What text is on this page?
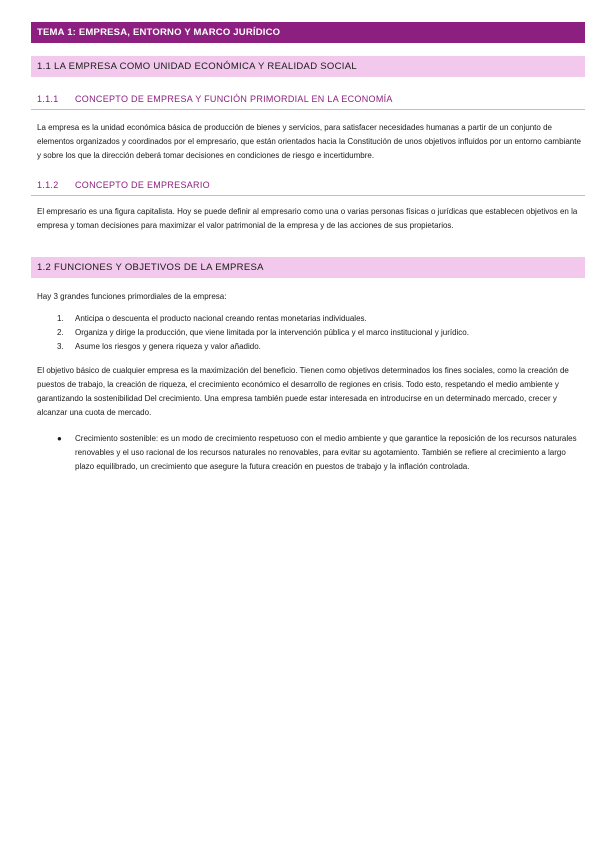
TEMA 1: EMPRESA, ENTORNO Y MARCO JURÍDICO
1.1 LA EMPRESA COMO UNIDAD ECONÓMICA Y REALIDAD SOCIAL
1.1.1 CONCEPTO DE EMPRESA Y FUNCIÓN PRIMORDIAL EN LA ECONOMÍA

La empresa es la unidad económica básica de producción de bienes y servicios, para satisfacer necesidades humanas a partir de un conjunto de elementos organizados y coordinados por el empresario, que están orientados hacia la Constitución de unos objetivos influidos por un entorno cambiante y sobre los que la dirección deberá tomar decisiones en condiciones de riesgo e incertidumbre.

1.1.2 CONCEPTO DE EMPRESARIO

El empresario es una figura capitalista. Hoy se puede definir al empresario como una o varias personas físicas o jurídicas que establecen objetivos en la empresa y toman decisiones para maximizar el valor patrimonial de la empresa y de las acciones de sus propietarios.

1.2 FUNCIONES Y OBJETIVOS DE LA EMPRESA

Hay 3 grandes funciones primordiales de la empresa:

1. Anticipa o descuenta el producto nacional creando rentas monetarias individuales.
2. Organiza y dirige la producción, que viene limitada por la intervención pública y el marco institucional y jurídico.
3. Asume los riesgos y genera riqueza y valor añadido.

El objetivo básico de cualquier empresa es la maximización del beneficio. Tienen como objetivos determinados los fines sociales, como la creación de puestos de trabajo, la creación de riqueza, el crecimiento económico el desarrollo de regiones en crisis. Todo esto, respetando el medio ambiente y garantizando la sostenibilidad Del crecimiento. Una empresa también puede estar interesada en introducirse en un determinado mercado, crecer y alcanzar una cuota de mercado.

● Crecimiento sostenible: es un modo de crecimiento respetuoso con el medio ambiente y que garantice la reposición de los recursos naturales renovables y el uso racional de los recursos naturales no renovables, para evitar su agotamiento. También se refiere al crecimiento a largo plazo equilibrado, un crecimiento que asegure la futura creación en puestos de trabajo y la inflación controlada.
